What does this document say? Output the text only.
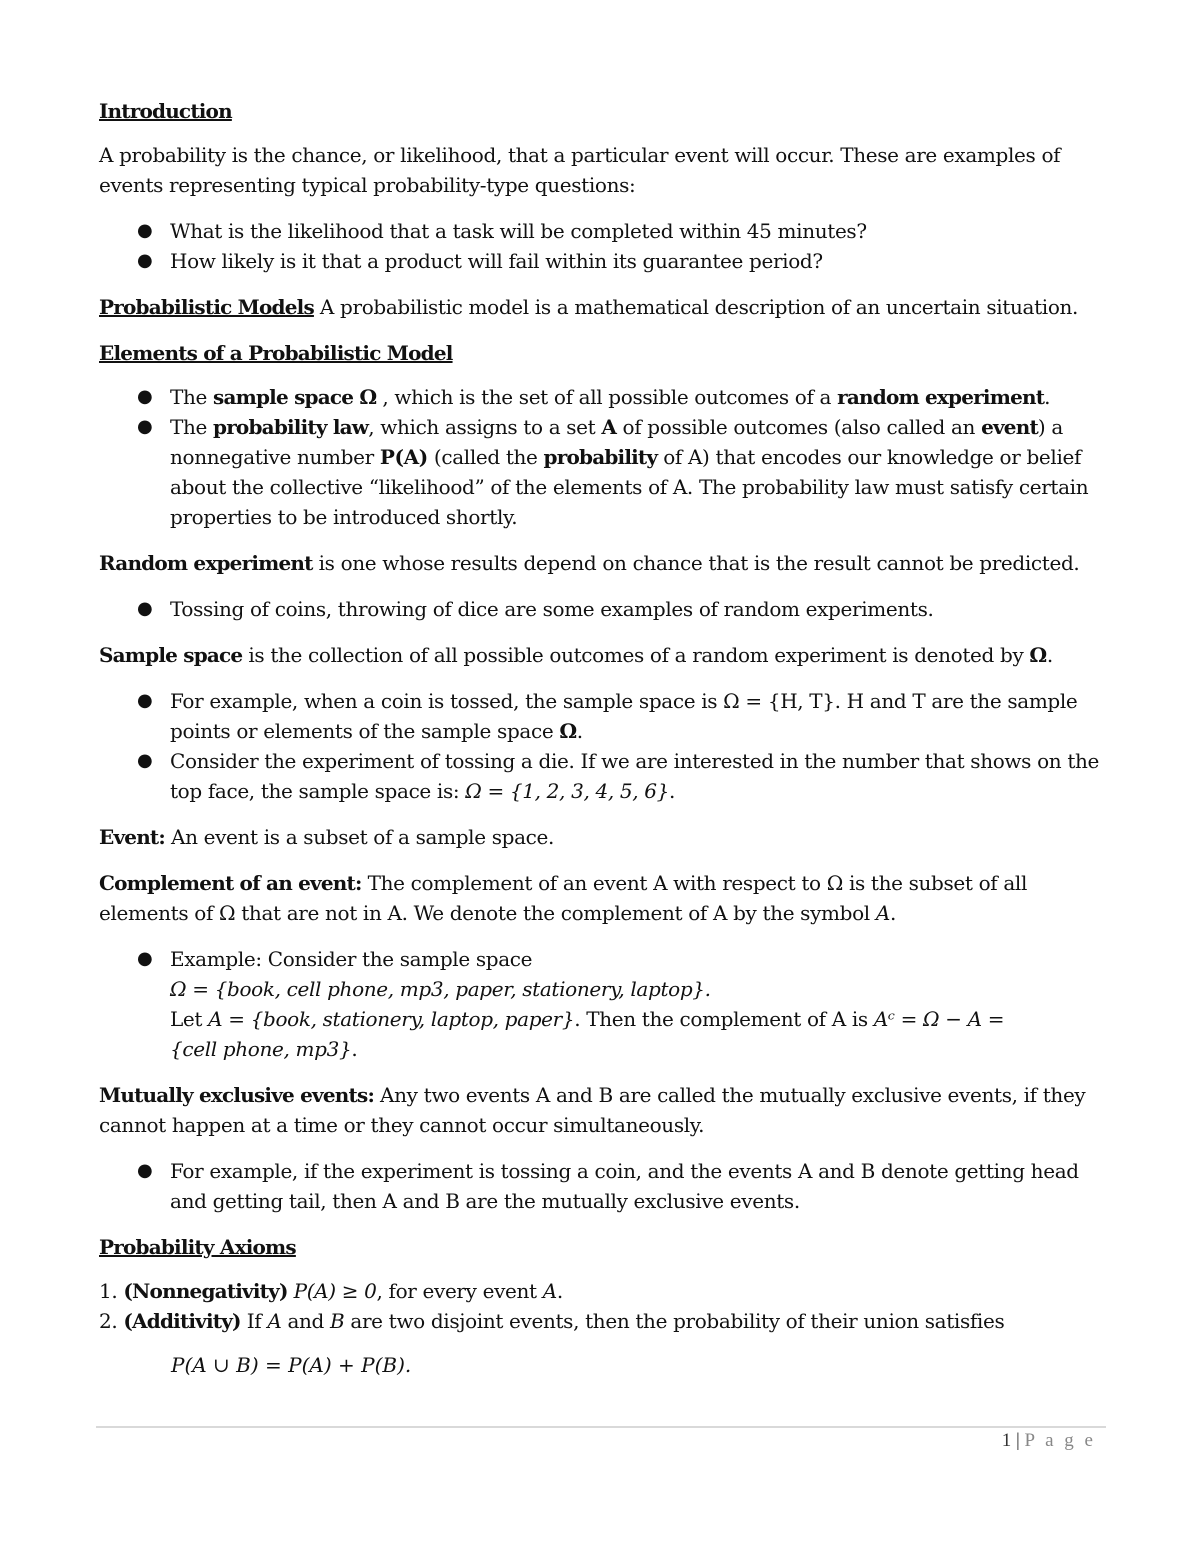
Introduction

A probability is the chance, or likelihood, that a particular event will occur. These are examples of events representing typical probability-type questions:

● What is the likelihood that a task will be completed within 45 minutes?
● How likely is it that a product will fail within its guarantee period?

Probabilistic Models A probabilistic model is a mathematical description of an uncertain situation.

Elements of a Probabilistic Model

● The sample space Ω , which is the set of all possible outcomes of a random experiment.
● The probability law, which assigns to a set A of possible outcomes (also called an event) a nonnegative number P(A) (called the probability of A) that encodes our knowledge or belief about the collective “likelihood” of the elements of A. The probability law must satisfy certain properties to be introduced shortly.

Random experiment is one whose results depend on chance that is the result cannot be predicted.

● Tossing of coins, throwing of dice are some examples of random experiments.

Sample space is the collection of all possible outcomes of a random experiment is denoted by Ω.

● For example, when a coin is tossed, the sample space is Ω = {H, T}. H and T are the sample points or elements of the sample space Ω.
● Consider the experiment of tossing a die. If we are interested in the number that shows on the top face, the sample space is: Ω = {1, 2, 3, 4, 5, 6}.

Event: An event is a subset of a sample space.

Complement of an event: The complement of an event A with respect to Ω is the subset of all elements of Ω that are not in A. We denote the complement of A by the symbol A.

● Example: Consider the sample space
Ω = {book, cell phone, mp3, paper, stationery, laptop}.
Let A = {book, stationery, laptop, paper}. Then the complement of A is Aᶜ = Ω − A =
{cell phone, mp3}.

Mutually exclusive events: Any two events A and B are called the mutually exclusive events, if they cannot happen at a time or they cannot occur simultaneously.

● For example, if the experiment is tossing a coin, and the events A and B denote getting head and getting tail, then A and B are the mutually exclusive events.

Probability Axioms

1. (Nonnegativity) P(A) ≥ 0, for every event A.

2. (Additivity) If A and B are two disjoint events, then the probability of their union satisfies

P(A ∪ B) = P(A) + P(B).

1 | P a g e
